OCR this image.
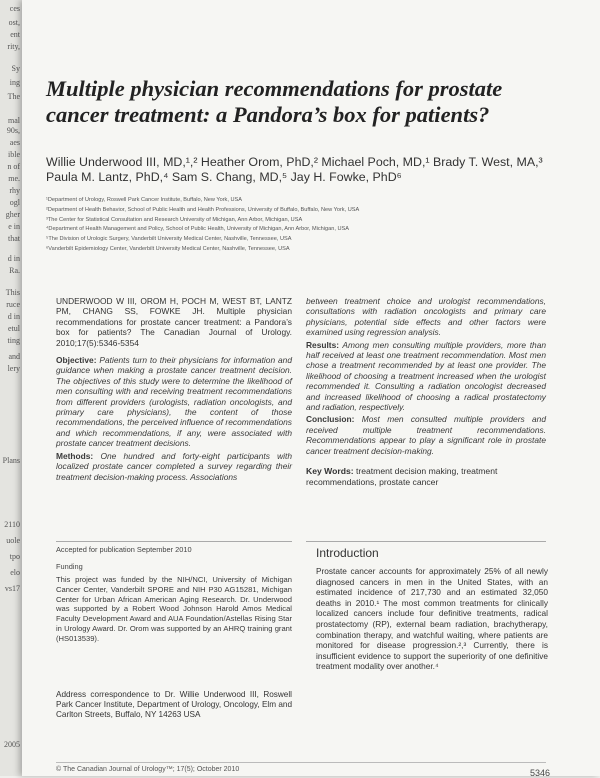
ces
ost,
ent
rity,
Sy
ing
The
mal
90s,
aes
ible
n of
me.
rhy
ogl
gher
e in
that
d in
Ra.
This
ruce
d in
etul
ting
and
lery
Plans
2110
uole
tpo
elo
vs17
2005
Multiple physician recommendations for prostate cancer treatment: a Pandora’s box for patients?
Willie Underwood III, MD,¹,² Heather Orom, PhD,² Michael Poch, MD,¹ Brady T. West, MA,³ Paula M. Lantz, PhD,⁴ Sam S. Chang, MD,⁵ Jay H. Fowke, PhD⁶
¹Department of Urology, Roswell Park Cancer Institute, Buffalo, New York, USA
²Department of Health Behavior, School of Public Health and Health Professions, University of Buffalo, Buffalo, New York, USA
³The Center for Statistical Consultation and Research University of Michigan, Ann Arbor, Michigan, USA
⁴Department of Health Management and Policy, School of Public Health, University of Michigan, Ann Arbor, Michigan, USA
⁵The Division of Urologic Surgery, Vanderbilt University Medical Center, Nashville, Tennessee, USA
⁶Vanderbilt Epidemiology Center, Vanderbilt University Medical Center, Nashville, Tennessee, USA

UNDERWOOD W III, OROM H, POCH M, WEST BT, LANTZ PM, CHANG SS, FOWKE JH. Multiple physician recommendations for prostate cancer treatment: a Pandora’s box for patients? The Canadian Journal of Urology. 2010;17(5):5346-5354

Objective: Patients turn to their physicians for information and guidance when making a prostate cancer treatment decision. The objectives of this study were to determine the likelihood of men consulting with and receiving treatment recommendations from different providers (urologists, radiation oncologists, and primary care physicians), the content of those recommendations, the perceived influence of recommendations and which recommendations, if any, were associated with prostate cancer treatment decisions.

Methods: One hundred and forty-eight participants with localized prostate cancer completed a survey regarding their treatment decision-making process. Associations

between treatment choice and urologist recommendations, consultations with radiation oncologists and primary care physicians, potential side effects and other factors were examined using regression analysis.

Results: Among men consulting multiple providers, more than half received at least one treatment recommendation. Most men chose a treatment recommended by at least one provider. The likelihood of choosing a treatment increased when the urologist recommended it. Consulting a radiation oncologist decreased and increased likelihood of choosing a radical prostatectomy and radiation, respectively.

Conclusion: Most men consulted multiple providers and received multiple treatment recommendations. Recommendations appear to play a significant role in prostate cancer treatment decision-making.

Key Words: treatment decision making, treatment recommendations, prostate cancer
Accepted for publication September 2010
Funding
This project was funded by the NIH/NCI, University of Michigan Cancer Center, Vanderbilt SPORE and NIH P30 AG15281, Michigan Center for Urban African American Aging Research. Dr. Underwood was supported by a Robert Wood Johnson Harold Amos Medical Faculty Development Award and AUA Foundation/Astellas Rising Star in Urology Award. Dr. Orom was supported by an AHRQ training grant (HS013539).
Address correspondence to Dr. Willie Underwood III, Roswell Park Cancer Institute, Department of Urology, Oncology, Elm and Carlton Streets, Buffalo, NY 14263 USA
Introduction
Prostate cancer accounts for approximately 25% of all newly diagnosed cancers in men in the United States, with an estimated incidence of 217,730 and an estimated 32,050 deaths in 2010.¹ The most common treatments for clinically localized cancers include four definitive treatments, radical prostatectomy (RP), external beam radiation, brachytherapy, combination therapy, and watchful waiting, where patients are monitored for disease progression.²,³ Currently, there is insufficient evidence to support the superiority of one definitive treatment modality over another.⁴
© The Canadian Journal of Urology™; 17(5); October 2010	5346
